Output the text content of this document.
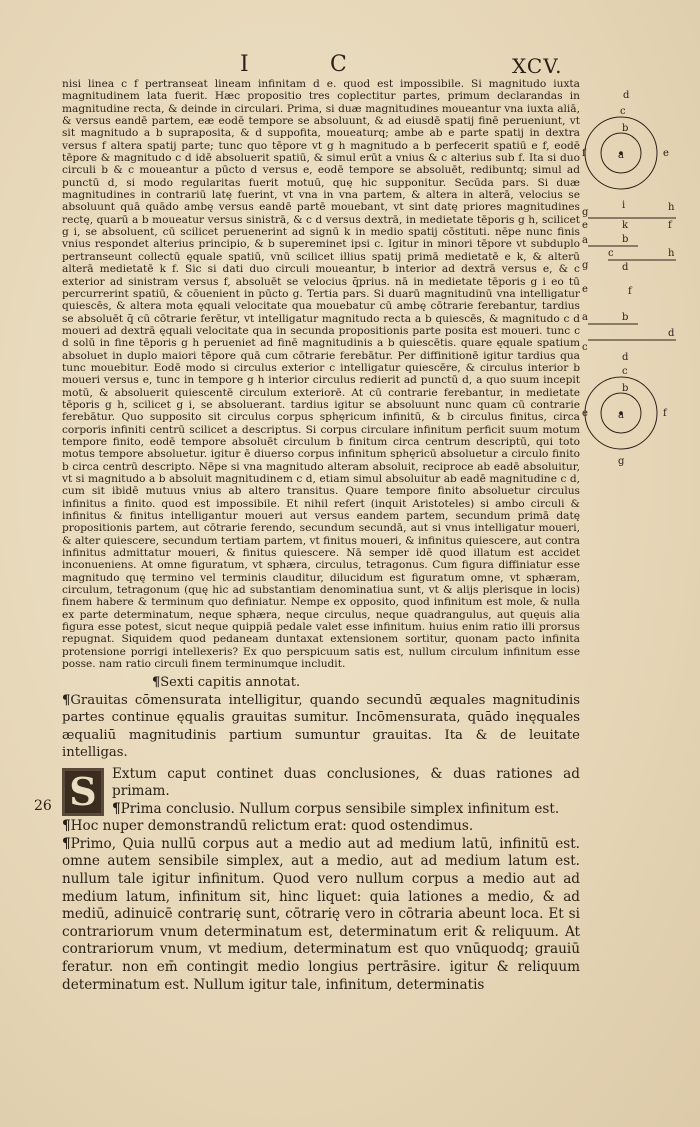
I	C	XCV.

nisi linea c f pertranseat lineam infinitam d e. quod est impossibile. Si magnitudo iuxta magnitudinem lata fuerit. Hæc propositio tres coplectitur partes, primum declarandas in magnitudine recta, & deinde in circulari. Prima, si duæ magnitudines moueantur vna iuxta aliā, & versus eandē partem, eæ eodē tempore se absoluunt, & ad eiusdē spatij finē perueniunt, vt sit magnitudo a b supraposita, & d suppofita, moueaturq; ambe ab e parte spatij in dextra versus f altera spatij parte; tunc quo tēpore vt g h magnitudo a b perfecerit spatiū e f, eodē tēpore & magnitudo c d idē absoluerit spatiū, & simul erūt a vnius & c alterius sub f. Ita si duo circuli b & c moueantur a pūcto d versus e, eodē tempore se absoluēt, redibuntq; simul ad punctū d, si modo regularitas fuerit motuū, quę hic supponitur. Secūda pars. Si duæ magnitudines in contrariū latę fuerint, vt vna in vna partem, & altera in alterā, velocius se absoluunt quā quādo ambę versus eandē partē mouebant, vt sint datę priores magnitudines rectę, quarū a b moueatur versus sinistrā, & c d versus dextrā, in medietate tēporis g h, scilicet g i, se absoluent, cū scilicet peruenerint ad signū k in medio spatij cōstituti. nēpe nunc finis vnius respondet alterius principio, & b supereminet ipsi c. Igitur in minori tēpore vt subduplo pertranseunt collectū ęquale spatiū, vnū scilicet illius spatij primā medietatē e k, & alterū alterā medietatē k f. Sic si dati duo circuli moueantur, b interior ad dextrā versus e, & c exterior ad sinistram versus f, absoluēt se velocius q̄prius. nā in medietate tēporis g i eo tū percurrerint spatiū, & cōuenient in pūcto g. Tertia pars. Si duarū magnitudinū vna intelligatur quiescēs, & altera mota ęquali velocitate qua mouebatur cū ambę cōtrarie ferebantur, tardius se absoluēt q̄ cū cōtrarie ferētur, vt intelligatur magnitudo recta a b quiescēs, & magnitudo c d moueri ad dextrā ęquali velocitate qua in secunda propositionis parte posita est moueri. tunc c d solū in fine tēporis g h perueniet ad finē magnitudinis a b quiescētis. quare ęquale spatium absoluet in duplo maiori tēpore quā cum cōtrarie ferebātur. Per diffinitionē igitur tardius qua tunc mouebitur. Eodē modo si circulus exterior c intelligatur quiescēre, & circulus interior b moueri versus e, tunc in tempore g h interior circulus redierit ad punctū d, a quo suum incepit motū, & absoluerit quiescentē circulum exteriorē. At cū contrarie ferebantur, in medietate tēporis g h, scilicet g i, se absoluerant. tardius igitur se absoluunt nunc quam cū contrarie ferebātur. Quo supposito sit circulus corpus sphęricum infinitū, & b circulus finitus, circa corporis infiniti centrū scilicet a descriptus. Si corpus circulare infinitum perficit suum motum tempore finito, eodē tempore absoluēt circulum b finitum circa centrum descriptū, qui toto motus tempore absoluetur. igitur ē diuerso corpus infinitum sphęricū absoluetur a circulo finito b circa centrū descripto. Nēpe si vna magnitudo alteram absoluit, reciproce ab eadē absoluitur, vt si magnitudo a b absoluit magnitudinem c d, etiam simul absoluitur ab eadē magnitudine c d, cum sit ibidē mutuus vnius ab altero transitus. Quare tempore finito absoluetur circulus infinitus a finito. quod est impossibile. Et nihil refert (inquit Aristoteles) si ambo circuli & infinitus & finitus intelligantur moueri aut versus eandem partem, secundum primā datę propositionis partem, aut cōtrarie ferendo, secundum secundā, aut si vnus intelligatur moueri, & alter quiescere, secundum tertiam partem, vt finitus moueri, & infinitus quiescere, aut contra infinitus admittatur moueri, & finitus quiescere. Nā semper idē quod illatum est accidet inconueniens. At omne figuratum, vt sphæra, circulus, tetragonus. Cum figura diffiniatur esse magnitudo quę termino vel terminis clauditur, dilucidum est figuratum omne, vt sphæram, circulum, tetragonum (quę hic ad substantiam denominatiua sunt, vt & alijs plerisque in locis) finem habere & terminum quo definiatur. Nempe ex opposito, quod infinitum est mole, & nulla ex parte determinatum, neque sphæra, neque circulus, neque quadrangulus, aut quęuis alia figura esse potest, sicut neque quippiā pedale valet esse infinitum. huius enim ratio illi prorsus repugnat. Siquidem quod pedaneam duntaxat extensionem sortitur, quonam pacto infinita protensione porrigi intellexeris? Ex quo perspicuum satis est, nullum circulum infinitum esse posse. nam ratio circuli finem terminumque includit.

¶Sexti capitis annotat.

¶Grauitas cōmensurata intelligitur, quando secundū æquales magnitudinis partes continue ęqualis grauitas sumitur. Incōmensurata, quādo inęquales æqualiū magnitudinis partium sumuntur grauitas. Ita & de leuitate intelligas.

S	Extum caput continet duas conclusiones, & duas rationes ad primam.

¶Prima conclusio. Nullum corpus sensibile simplex infinitum est.

¶Hoc nuper demonstrandū relictum erat: quod ostendimus.

¶Primo, Quia nullū corpus aut a medio aut ad medium latū, infinitū est. omne autem sensibile simplex, aut a medio, aut ad medium latum est. nullum tale igitur infinitum. Quod vero nullum corpus a medio aut ad medium latum, infinitum sit, hinc liquet: quia lationes a medio, & ad mediū, adinuicē contrarię sunt, cōtrarię vero in cōtraria abeunt loca. Et si contrariorum vnum determinatum est, determinatum erit & reliquum. At contrariorum vnum, vt medium, determinatum est quo vnūquodq; grauiū feratur. non em̄ contingit medio longius pertrāsire. igitur & reliquum determinatum est. Nullum igitur tale, infinitum, determinatis

26
d
c
b
a
f	e
g	h
i
k	f
e
b
a
g
c
d
h
e	f
a	b
c
d
d
c
b
a
e	f
g
